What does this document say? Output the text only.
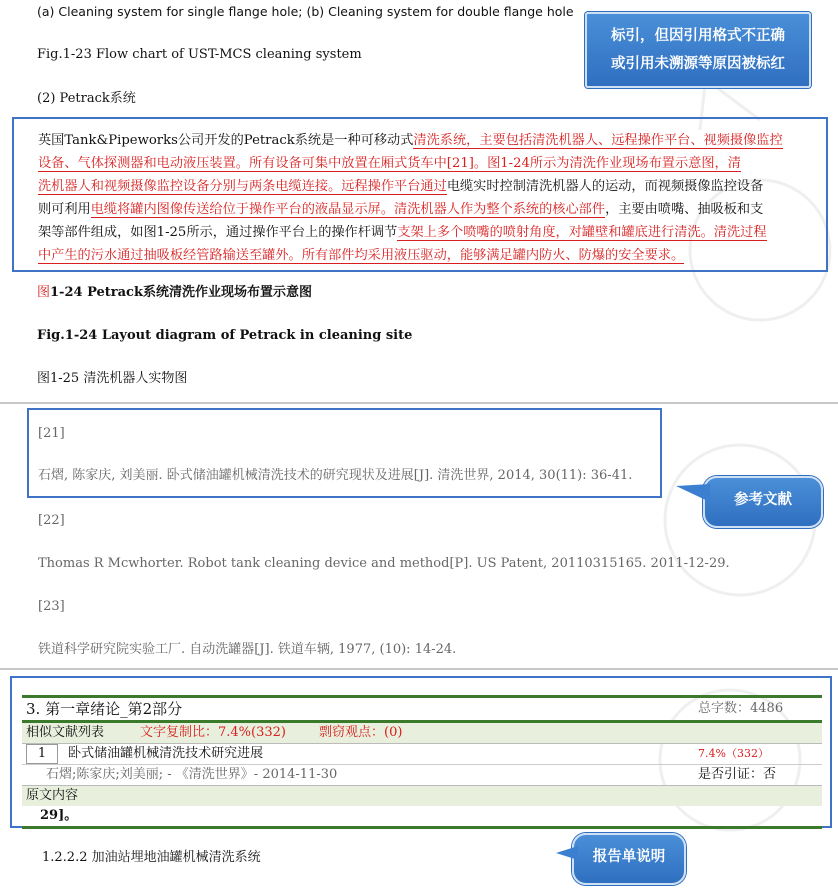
(a) Cleaning system for single flange hole; (b) Cleaning system for double flange hole
Fig.1-23 Flow chart of UST-MCS cleaning system
(2) Petrack系统
标引，但因引用格式不正确
或引用未溯源等原因被标红
英国Tank&Pipeworks公司开发的Petrack系统是一种可移动式清洗系统，主要包括清洗机器人、远程操作平台、视频摄像监控
设备、气体探测器和电动液压装置。所有设备可集中放置在厢式货车中[21]。图1-24所示为清洗作业现场布置示意图，清
洗机器人和视频摄像监控设备分别与两条电缆连接。远程操作平台通过电缆实时控制清洗机器人的运动，而视频摄像监控设备
则可利用电缆将罐内图像传送给位于操作平台的液晶显示屏。清洗机器人作为整个系统的核心部件，主要由喷嘴、抽吸板和支
架等部件组成，如图1-25所示，通过操作平台上的操作杆调节支架上多个喷嘴的喷射角度，对罐壁和罐底进行清洗。清洗过程
中产生的污水通过抽吸板经管路输送至罐外。所有部件均采用液压驱动，能够满足罐内防火、防爆的安全要求。
图1-24 Petrack系统清洗作业现场布置示意图
Fig.1-24 Layout diagram of Petrack in cleaning site
图1-25 清洗机器人实物图
[21]
石熠, 陈家庆, 刘美丽. 卧式储油罐机械清洗技术的研究现状及进展[J]. 清洗世界, 2014, 30(11): 36-41.
[22]
Thomas R Mcwhorter. Robot tank cleaning device and method[P]. US Patent, 20110315165. 2011-12-29.
[23]
铁道科学研究院实验工厂. 自动洗罐器[J]. 铁道车辆, 1977, (10): 14-24.
参考文献
3. 第一章绪论_第2部分	总字数：4486
相似文献列表	文字复制比：7.4%(332)	剽窃观点：(0)
1 卧式储油罐机械清洗技术研究进展	7.4%（332）
石熠;陈家庆;刘美丽; - 《清洗世界》- 2014-11-30	是否引证：否
原文内容
29]。
报告单说明
1.2.2.2 加油站埋地油罐机械清洗系统
